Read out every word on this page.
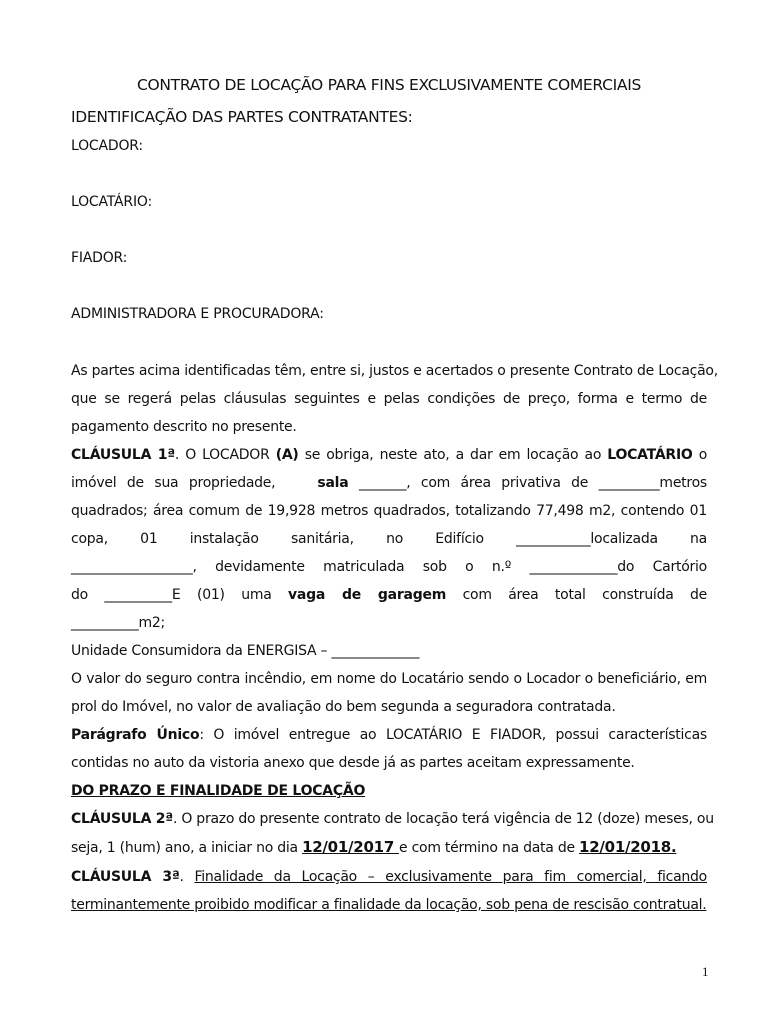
CONTRATO DE LOCAÇÃO PARA FINS EXCLUSIVAMENTE COMERCIAIS
IDENTIFICAÇÃO DAS PARTES CONTRATANTES:
LOCADOR:
LOCATÁRIO:
FIADOR:
ADMINISTRADORA E PROCURADORA:
As partes acima identificadas têm, entre si, justos e acertados o presente Contrato de Locação,
que se regerá pelas cláusulas seguintes e pelas condições de preço, forma e termo de
pagamento descrito no presente.
CLÁUSULA 1ª. O LOCADOR (A) se obriga, neste ato, a dar em locação ao LOCATÁRIO o
imóvel de sua propriedade,	sala _______, com área privativa de _________metros
quadrados; área comum de 19,928 metros quadrados, totalizando 77,498 m2, contendo 01
copa, 01 instalação sanitária, no Edifício ___________localizada na
__________________, devidamente matriculada sob o n.º _____________do Cartório
do __________E (01) uma vaga de garagem com área total construída de
__________m2;
Unidade Consumidora da ENERGISA – _____________
O valor do seguro contra incêndio, em nome do Locatário sendo o Locador o beneficiário, em
prol do Imóvel, no valor de avaliação do bem segunda a seguradora contratada.
Parágrafo Único: O imóvel entregue ao LOCATÁRIO E FIADOR, possui características
contidas no auto da vistoria anexo que desde já as partes aceitam expressamente.
DO PRAZO E FINALIDADE DE LOCAÇÃO
CLÁUSULA 2ª. O prazo do presente contrato de locação terá vigência de 12 (doze) meses, ou
seja, 1 (hum) ano, a iniciar no dia 12/01/2017 e com término na data de 12/01/2018.
CLÁUSULA 3ª. Finalidade da Locação – exclusivamente para fim comercial, ficando
terminantemente proibido modificar a finalidade da locação, sob pena de rescisão contratual.
1
